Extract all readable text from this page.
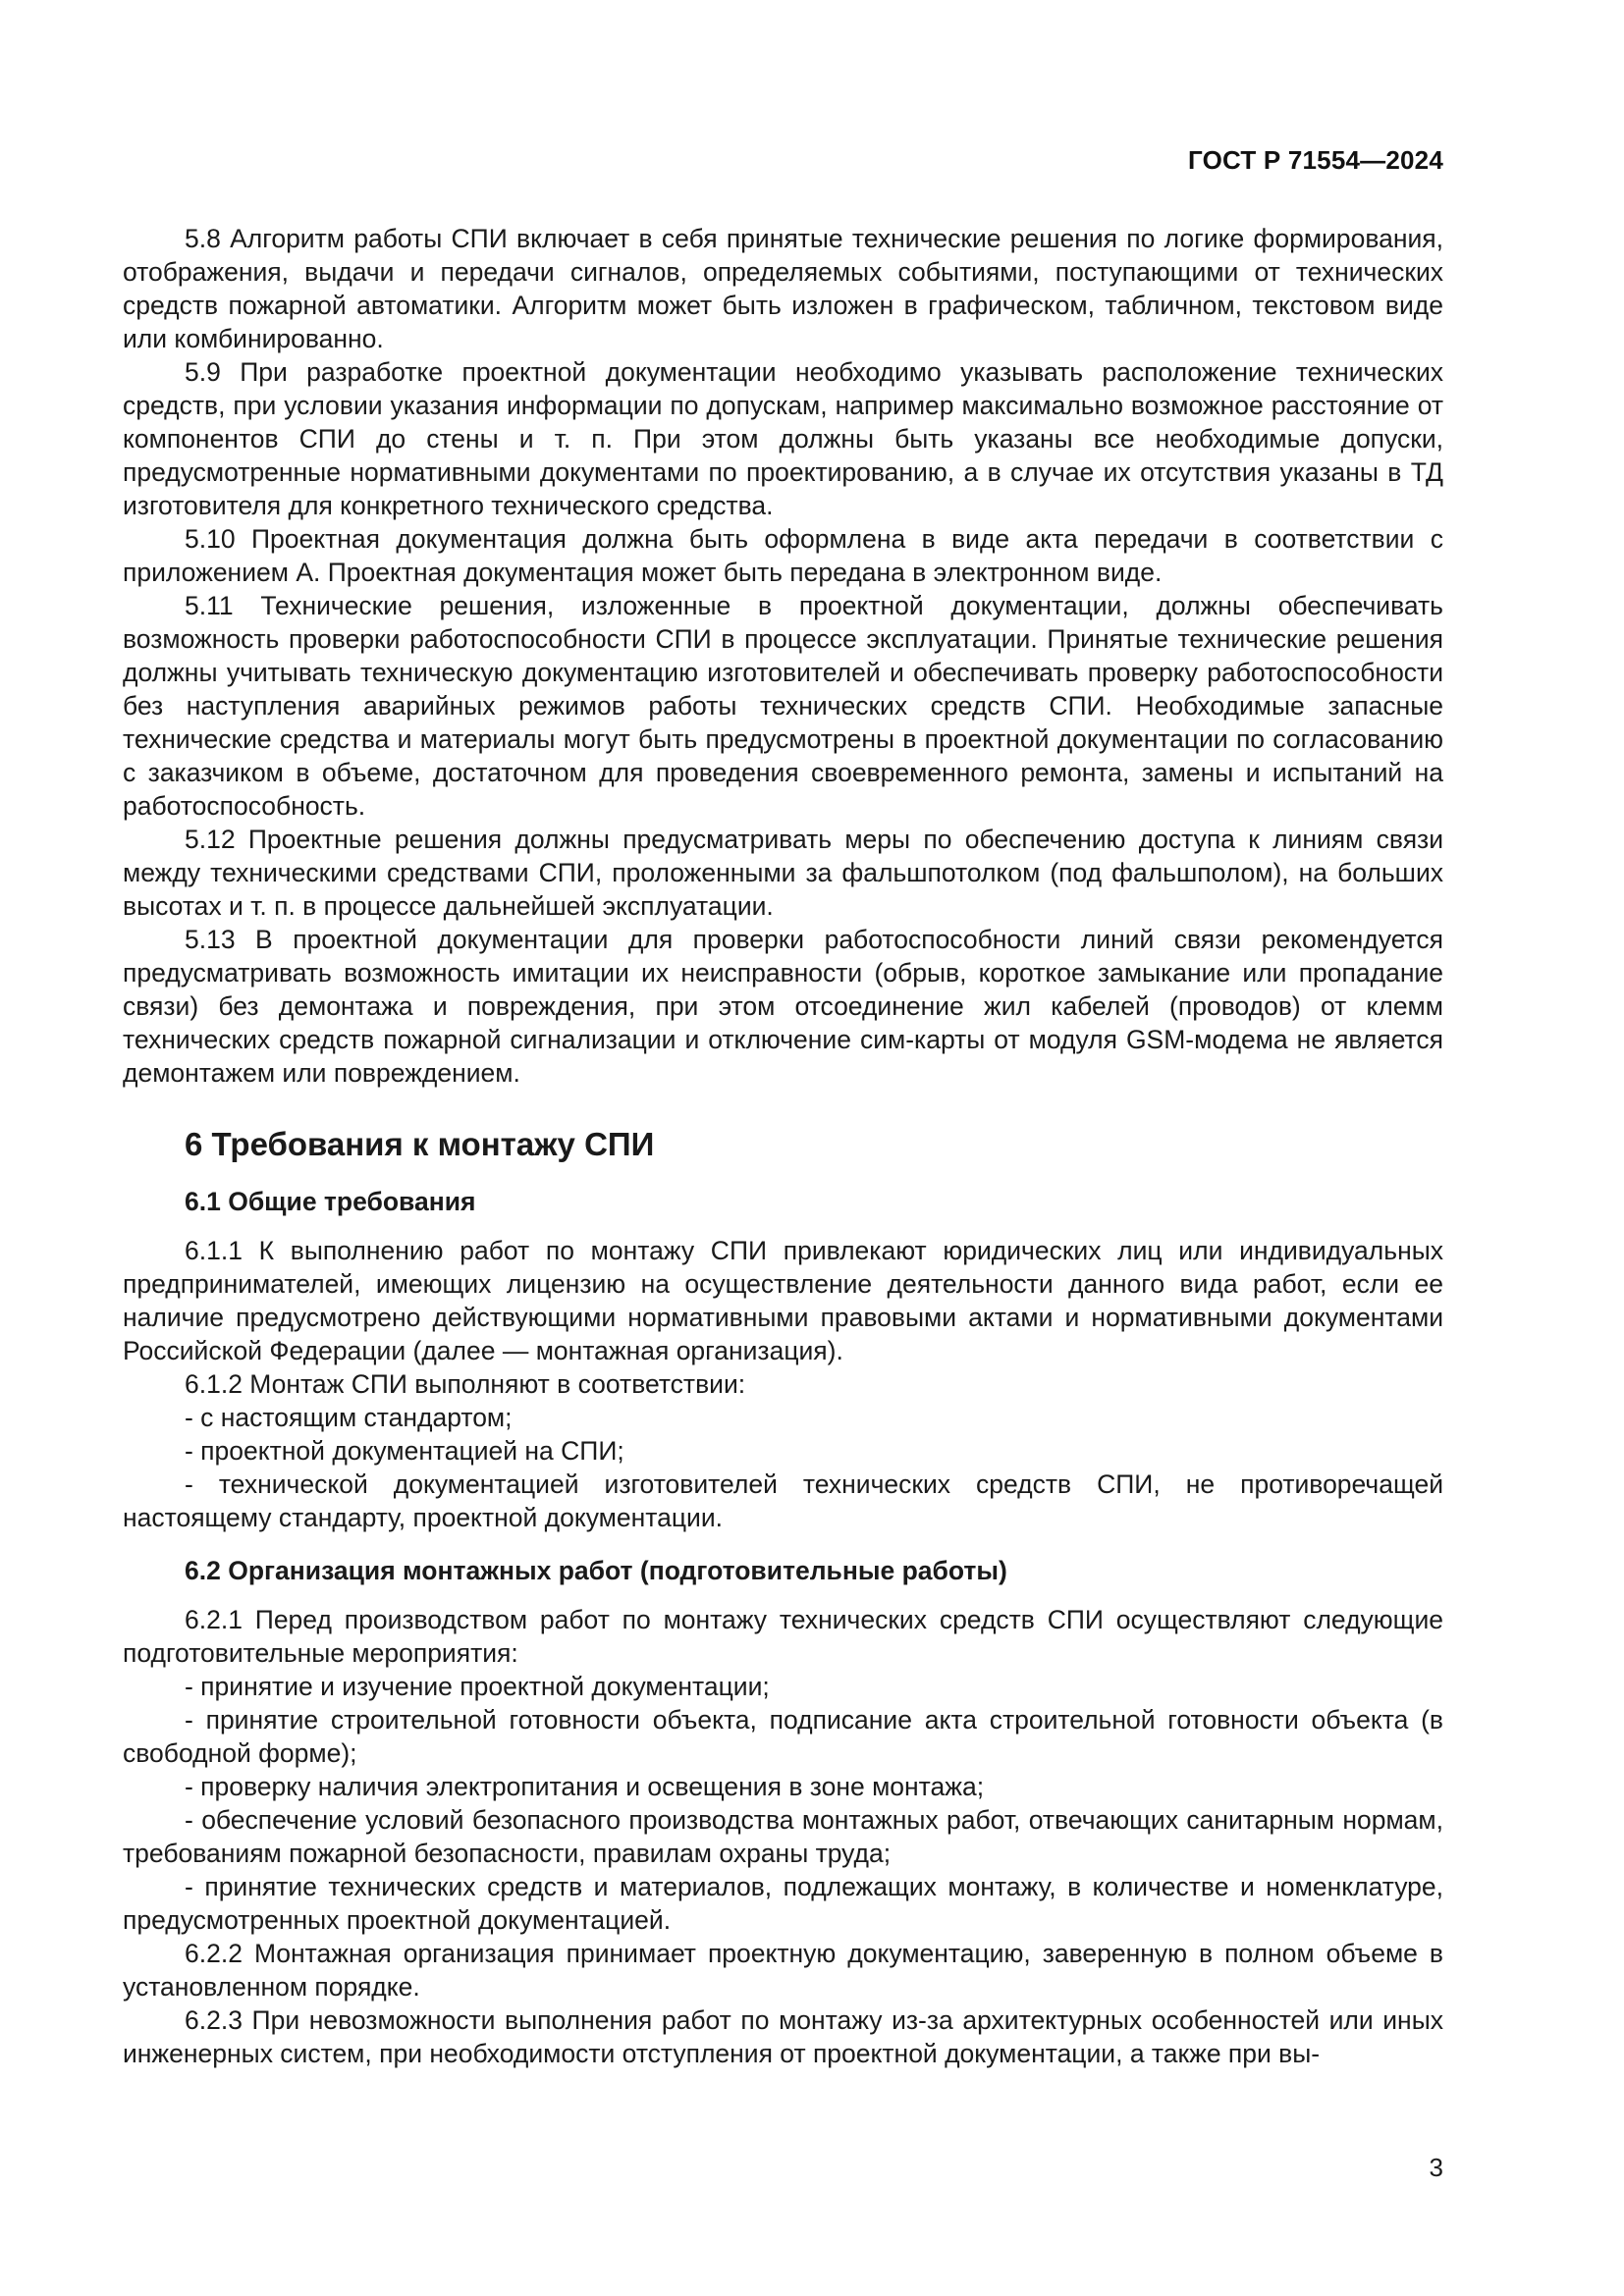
ГОСТ Р 71554—2024

5.8 Алгоритм работы СПИ включает в себя принятые технические решения по логике формирования, отображения, выдачи и передачи сигналов, определяемых событиями, поступающими от технических средств пожарной автоматики. Алгоритм может быть изложен в графическом, табличном, текстовом виде или комбинированно.

5.9 При разработке проектной документации необходимо указывать расположение технических средств, при условии указания информации по допускам, например максимально возможное расстояние от компонентов СПИ до стены и т. п. При этом должны быть указаны все необходимые допуски, предусмотренные нормативными документами по проектированию, а в случае их отсутствия указаны в ТД изготовителя для конкретного технического средства.

5.10 Проектная документация должна быть оформлена в виде акта передачи в соответствии с приложением А. Проектная документация может быть передана в электронном виде.

5.11 Технические решения, изложенные в проектной документации, должны обеспечивать возможность проверки работоспособности СПИ в процессе эксплуатации. Принятые технические решения должны учитывать техническую документацию изготовителей и обеспечивать проверку работоспособности без наступления аварийных режимов работы технических средств СПИ. Необходимые запасные технические средства и материалы могут быть предусмотрены в проектной документации по согласованию с заказчиком в объеме, достаточном для проведения своевременного ремонта, замены и испытаний на работоспособность.

5.12 Проектные решения должны предусматривать меры по обеспечению доступа к линиям связи между техническими средствами СПИ, проложенными за фальшпотолком (под фальшполом), на больших высотах и т. п. в процессе дальнейшей эксплуатации.

5.13 В проектной документации для проверки работоспособности линий связи рекомендуется предусматривать возможность имитации их неисправности (обрыв, короткое замыкание или пропадание связи) без демонтажа и повреждения, при этом отсоединение жил кабелей (проводов) от клемм технических средств пожарной сигнализации и отключение сим-карты от модуля GSM-модема не является демонтажем или повреждением.

6 Требования к монтажу СПИ
6.1 Общие требования

6.1.1 К выполнению работ по монтажу СПИ привлекают юридических лиц или индивидуальных предпринимателей, имеющих лицензию на осуществление деятельности данного вида работ, если ее наличие предусмотрено действующими нормативными правовыми актами и нормативными документами Российской Федерации (далее — монтажная организация).

6.1.2 Монтаж СПИ выполняют в соответствии:

- с настоящим стандартом;

- проектной документацией на СПИ;

- технической документацией изготовителей технических средств СПИ, не противоречащей настоящему стандарту, проектной документации.

6.2 Организация монтажных работ (подготовительные работы)

6.2.1 Перед производством работ по монтажу технических средств СПИ осуществляют следующие подготовительные мероприятия:

- принятие и изучение проектной документации;

- принятие строительной готовности объекта, подписание акта строительной готовности объекта (в свободной форме);

- проверку наличия электропитания и освещения в зоне монтажа;

- обеспечение условий безопасного производства монтажных работ, отвечающих санитарным нормам, требованиям пожарной безопасности, правилам охраны труда;

- принятие технических средств и материалов, подлежащих монтажу, в количестве и номенклатуре, предусмотренных проектной документацией.

6.2.2 Монтажная организация принимает проектную документацию, заверенную в полном объеме в установленном порядке.

6.2.3 При невозможности выполнения работ по монтажу из-за архитектурных особенностей или иных инженерных систем, при необходимости отступления от проектной документации, а также при вы-

3
